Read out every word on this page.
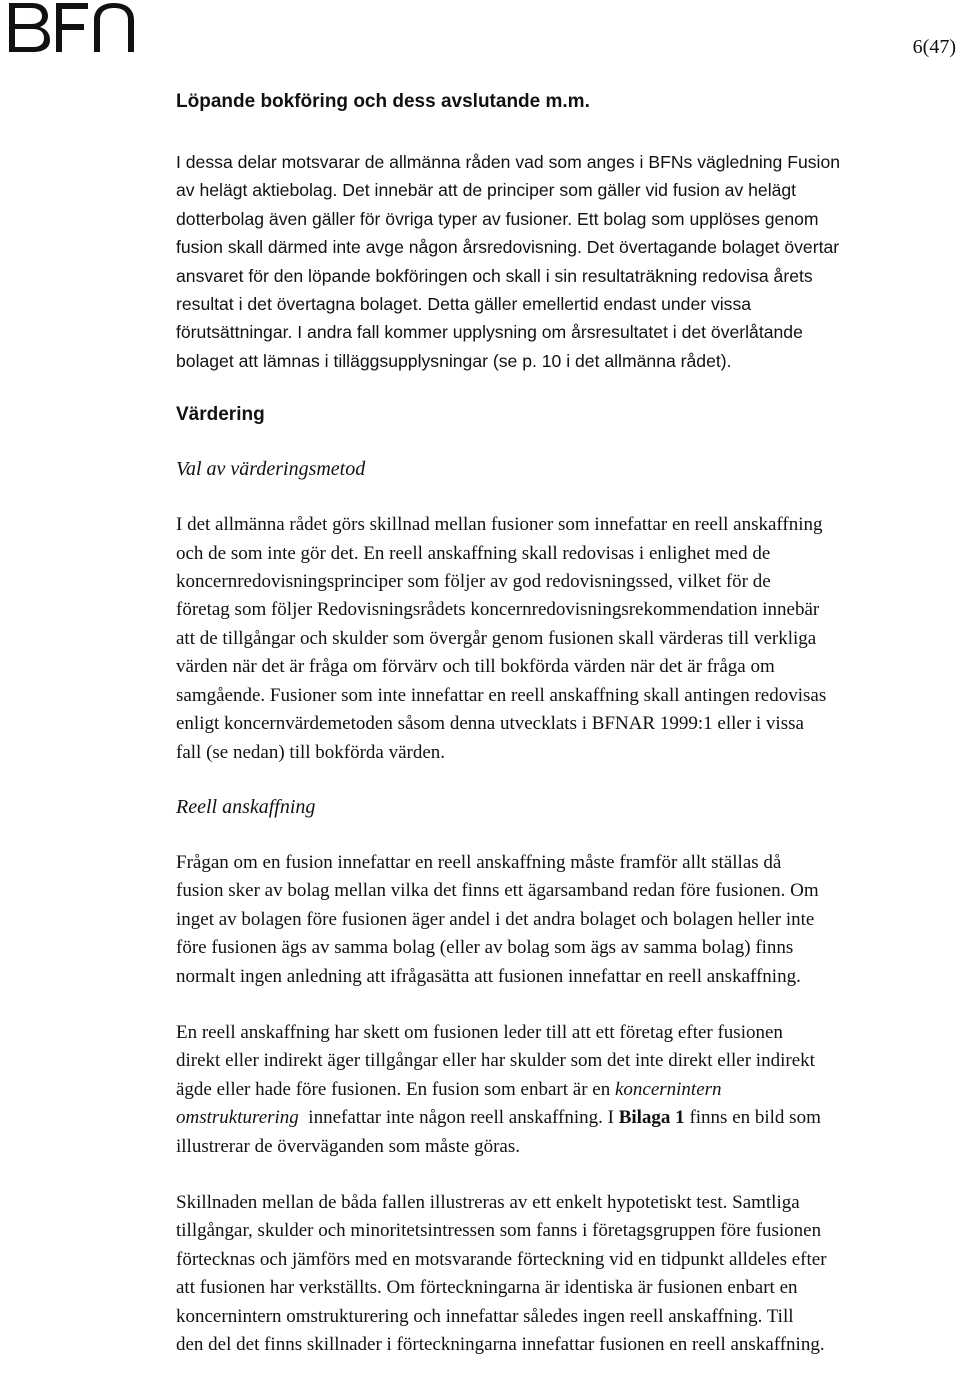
6(47)
Löpande bokföring och dess avslutande m.m.

I dessa delar motsvarar de allmänna råden vad som anges i BFNs vägledning Fusion
av helägt aktiebolag. Det innebär att de principer som gäller vid fusion av helägt
dotterbolag även gäller för övriga typer av fusioner. Ett bolag som upplöses genom
fusion skall därmed inte avge någon årsredovisning. Det övertagande bolaget övertar
ansvaret för den löpande bokföringen och skall i sin resultaträkning redovisa årets
resultat i det övertagna bolaget. Detta gäller emellertid endast under vissa
förutsättningar. I andra fall kommer upplysning om årsresultatet i det överlåtande
bolaget att lämnas i tilläggsupplysningar (se p. 10 i det allmänna rådet).

Värdering
Val av värderingsmetod

I det allmänna rådet görs skillnad mellan fusioner som innefattar en reell anskaffning
och de som inte gör det. En reell anskaffning skall redovisas i enlighet med de
koncernredovisningsprinciper som följer av god redovisningssed, vilket för de
företag som följer Redovisningsrådets koncernredovisningsrekommendation innebär
att de tillgångar och skulder som övergår genom fusionen skall värderas till verkliga
värden när det är fråga om förvärv och till bokförda värden när det är fråga om
samgående. Fusioner som inte innefattar en reell anskaffning skall antingen redovisas
enligt koncernvärdemetoden såsom denna utvecklats i BFNAR 1999:1 eller i vissa
fall (se nedan) till bokförda värden.

Reell anskaffning

Frågan om en fusion innefattar en reell anskaffning måste framför allt ställas då
fusion sker av bolag mellan vilka det finns ett ägarsamband redan före fusionen. Om
inget av bolagen före fusionen äger andel i det andra bolaget och bolagen heller inte
före fusionen ägs av samma bolag (eller av bolag som ägs av samma bolag) finns
normalt ingen anledning att ifrågasätta att fusionen innefattar en reell anskaffning.

En reell anskaffning har skett om fusionen leder till att ett företag efter fusionen
direkt eller indirekt äger tillgångar eller har skulder som det inte direkt eller indirekt
ägde eller hade före fusionen. En fusion som enbart är en koncernintern
omstrukturering  innefattar inte någon reell anskaffning. I Bilaga 1 finns en bild som
illustrerar de överväganden som måste göras.

Skillnaden mellan de båda fallen illustreras av ett enkelt hypotetiskt test. Samtliga
tillgångar, skulder och minoritetsintressen som fanns i företagsgruppen före fusionen
förtecknas och jämförs med en motsvarande förteckning vid en tidpunkt alldeles efter
att fusionen har verkställts. Om förteckningarna är identiska är fusionen enbart en
koncernintern omstrukturering och innefattar således ingen reell anskaffning. Till
den del det finns skillnader i förteckningarna innefattar fusionen en reell anskaffning.
